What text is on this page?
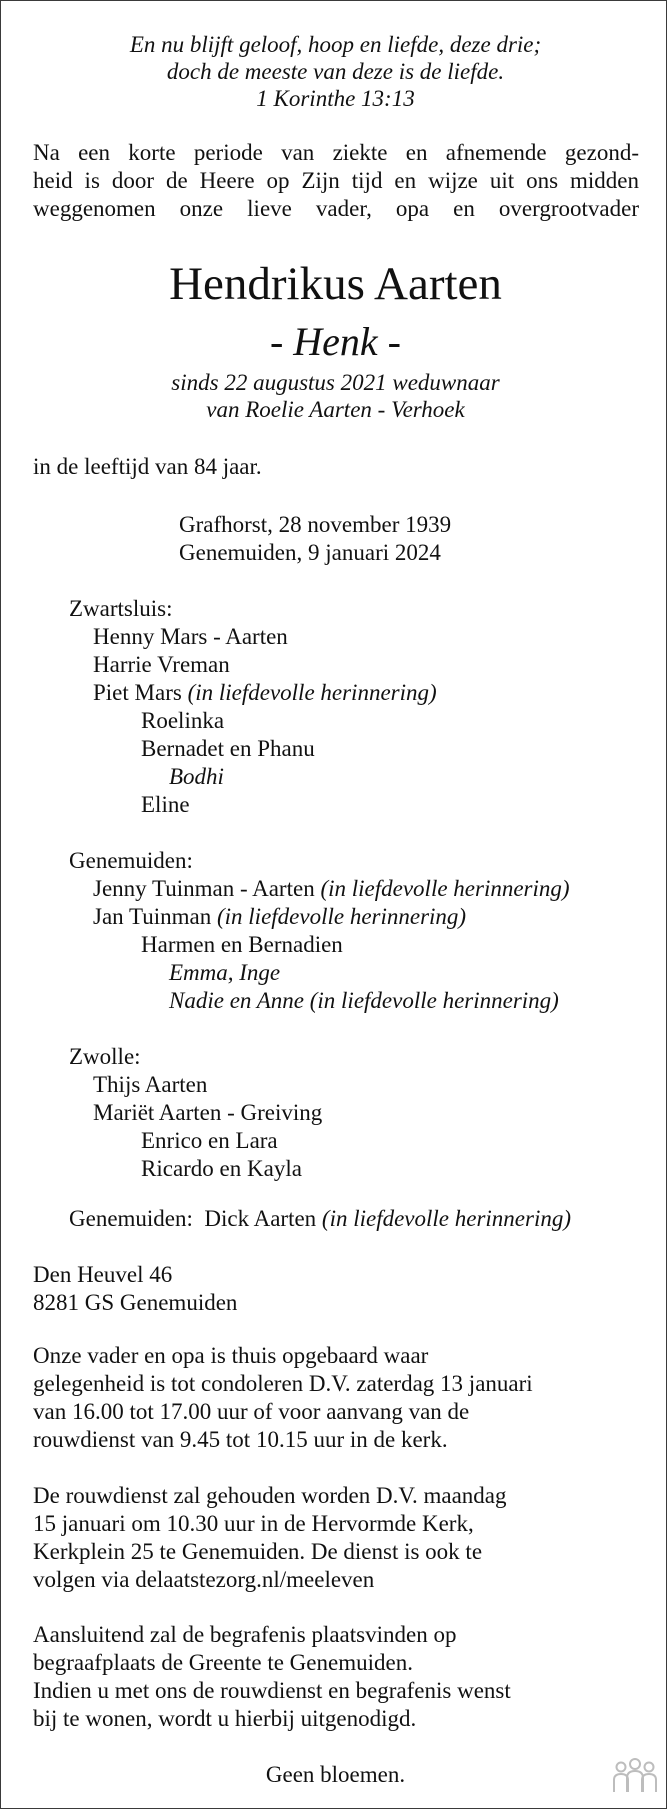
En nu blijft geloof, hoop en liefde, deze drie;
doch de meeste van deze is de liefde.
1 Korinthe 13:13
Na een korte periode van ziekte en afnemende gezond-
heid is door de Heere op Zijn tijd en wijze uit ons midden
weggenomen onze lieve vader, opa en overgrootvader
Hendrikus Aarten
- Henk -
sinds 22 augustus 2021 weduwnaar
van Roelie Aarten - Verhoek
in de leeftijd van 84 jaar.
Grafhorst, 28 november 1939
Genemuiden, 9 januari 2024
Zwartsluis:
Henny Mars - Aarten
Harrie Vreman
Piet Mars (in liefdevolle herinnering)
Roelinka
Bernadet en Phanu
Bodhi
Eline
Genemuiden:
Jenny Tuinman - Aarten (in liefdevolle herinnering)
Jan Tuinman (in liefdevolle herinnering)
Harmen en Bernadien
Emma, Inge
Nadie en Anne (in liefdevolle herinnering)
Zwolle:
Thijs Aarten
Mariët Aarten - Greiving
Enrico en Lara
Ricardo en Kayla
Genemuiden: Dick Aarten (in liefdevolle herinnering)
Den Heuvel 46
8281 GS Genemuiden
Onze vader en opa is thuis opgebaard waar
gelegenheid is tot condoleren D.V. zaterdag 13 januari
van 16.00 tot 17.00 uur of voor aanvang van de
rouwdienst van 9.45 tot 10.15 uur in de kerk.
De rouwdienst zal gehouden worden D.V. maandag
15 januari om 10.30 uur in de Hervormde Kerk,
Kerkplein 25 te Genemuiden. De dienst is ook te
volgen via delaatstezorg.nl/meeleven
Aansluitend zal de begrafenis plaatsvinden op
begraafplaats de Greente te Genemuiden.
Indien u met ons de rouwdienst en begrafenis wenst
bij te wonen, wordt u hierbij uitgenodigd.
Geen bloemen.
